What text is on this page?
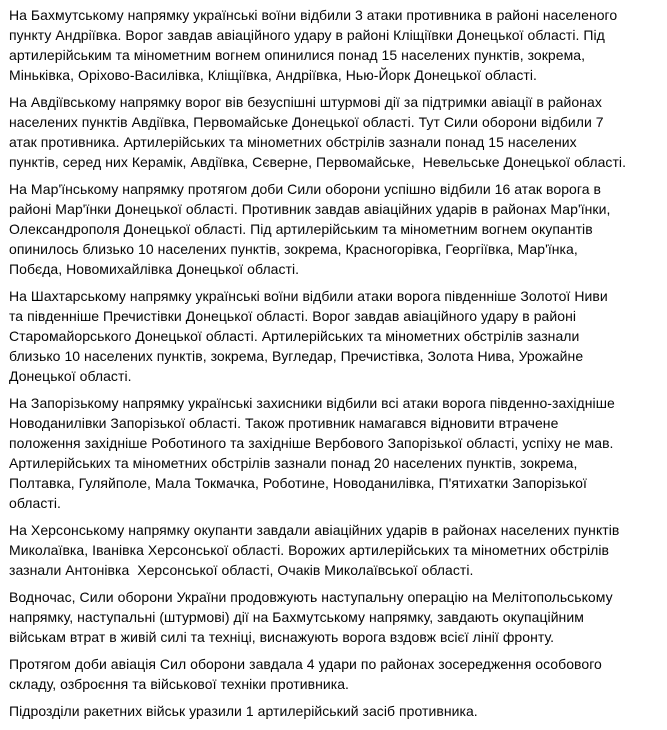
На Бахмутському напрямку українські воїни відбили 3 атаки противника в районі населеного
пункту Андріївка. Ворог завдав авіаційного удару в районі Кліщіївки Донецької області. Під
артилерійським та мінометним вогнем опинилися понад 15 населених пунктів, зокрема,
Міньківка, Оріхово-Василівка, Кліщіївка, Андріївка, Нью-Йорк Донецької області.
На Авдіївському напрямку ворог вів безуспішні штурмові дії за підтримки авіації в районах
населених пунктів Авдіївка, Первомайське Донецької області. Тут Сили оборони відбили 7
атак противника. Артилерійських та мінометних обстрілів зазнали понад 15 населених
пунктів, серед них Керамік, Авдіївка, Сєверне, Первомайське,  Невельське Донецької області.
На Мар'їнському напрямку протягом доби Сили оборони успішно відбили 16 атак ворога в
районі Мар'їнки Донецької області. Противник завдав авіаційних ударів в районах Мар'їнки,
Олександрополя Донецької області. Під артилерійським та мінометним вогнем окупантів
опинилось близько 10 населених пунктів, зокрема, Красногорівка, Георгіївка, Мар'їнка,
Побєда, Новомихайлівка Донецької області.
На Шахтарському напрямку українські воїни відбили атаки ворога південніше Золотої Ниви
та південніше Пречистівки Донецької області. Ворог завдав авіаційного удару в районі
Старомайорського Донецької області. Артилерійських та мінометних обстрілів зазнали
близько 10 населених пунктів, зокрема, Вугледар, Пречистівка, Золота Нива, Урожайне
Донецької області.
На Запорізькому напрямку українські захисники відбили всі атаки ворога південно-західніше
Новоданилівки Запорізької області. Також противник намагався відновити втрачене
положення західніше Роботиного та західніше Вербового Запорізької області, успіху не мав.
Артилерійських та мінометних обстрілів зазнали понад 20 населених пунктів, зокрема,
Полтавка, Гуляйполе, Мала Токмачка, Роботине, Новоданилівка, П'ятихатки Запорізької
області.
На Херсонському напрямку окупанти завдали авіаційних ударів в районах населених пунктів
Миколаївка, Іванівка Херсонської області. Ворожих артилерійських та мінометних обстрілів
зазнали Антонівка  Херсонської області, Очаків Миколаївської області.
Водночас, Сили оборони України продовжують наступальну операцію на Мелітопольському
напрямку, наступальні (штурмові) дії на Бахмутському напрямку, завдають окупаційним
військам втрат в живій силі та техніці, виснажують ворога вздовж всієї лінії фронту.
Протягом доби авіація Сил оборони завдала 4 удари по районах зосередження особового
складу, озброєння та військової техніки противника.
Підрозділи ракетних військ уразили 1 артилерійський засіб противника.
